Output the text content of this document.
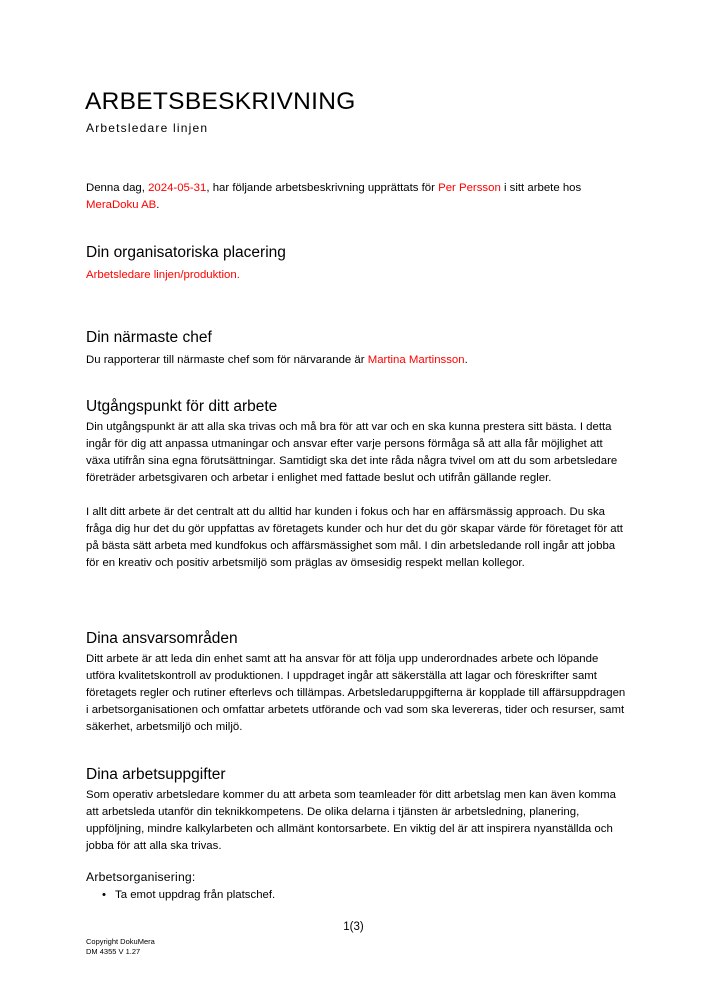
ARBETSBESKRIVNING
Arbetsledare linjen

Denna dag, 2024-05-31, har följande arbetsbeskrivning upprättats för Per Persson i sitt arbete hos MeraDoku AB.

Din organisatoriska placering

Arbetsledare linjen/produktion.

Din närmaste chef

Du rapporterar till närmaste chef som för närvarande är Martina Martinsson.

Utgångspunkt för ditt arbete

Din utgångspunkt är att alla ska trivas och må bra för att var och en ska kunna prestera sitt bästa. I detta ingår för dig att anpassa utmaningar och ansvar efter varje persons förmåga så att alla får möjlighet att växa utifrån sina egna förutsättningar. Samtidigt ska det inte råda några tvivel om att du som arbetsledare företräder arbetsgivaren och arbetar i enlighet med fattade beslut och utifrån gällande regler.

I allt ditt arbete är det centralt att du alltid har kunden i fokus och har en affärsmässig approach. Du ska fråga dig hur det du gör uppfattas av företagets kunder och hur det du gör skapar värde för företaget för att på bästa sätt arbeta med kundfokus och affärsmässighet som mål. I din arbetsledande roll ingår att jobba för en kreativ och positiv arbetsmiljö som präglas av ömsesidig respekt mellan kollegor.

Dina ansvarsområden

Ditt arbete är att leda din enhet samt att ha ansvar för att följa upp underordnades arbete och löpande utföra kvalitetskontroll av produktionen. I uppdraget ingår att säkerställa att lagar och föreskrifter samt företagets regler och rutiner efterlevs och tillämpas. Arbetsledaruppgifterna är kopplade till affärsuppdragen i arbetsorganisationen och omfattar arbetets utförande och vad som ska levereras, tider och resurser, samt säkerhet, arbetsmiljö och miljö.

Dina arbetsuppgifter

Som operativ arbetsledare kommer du att arbeta som teamleader för ditt arbetslag men kan även komma att arbetsleda utanför din teknikkompetens. De olika delarna i tjänsten är arbetsledning, planering, uppföljning, mindre kalkylarbeten och allmänt kontorsarbete. En viktig del är att inspirera nyanställda och jobba för att alla ska trivas.

Arbetsorganisering:
• Ta emot uppdrag från platschef.
1(3)
Copyright DokuMera
DM 4355 V 1.27
